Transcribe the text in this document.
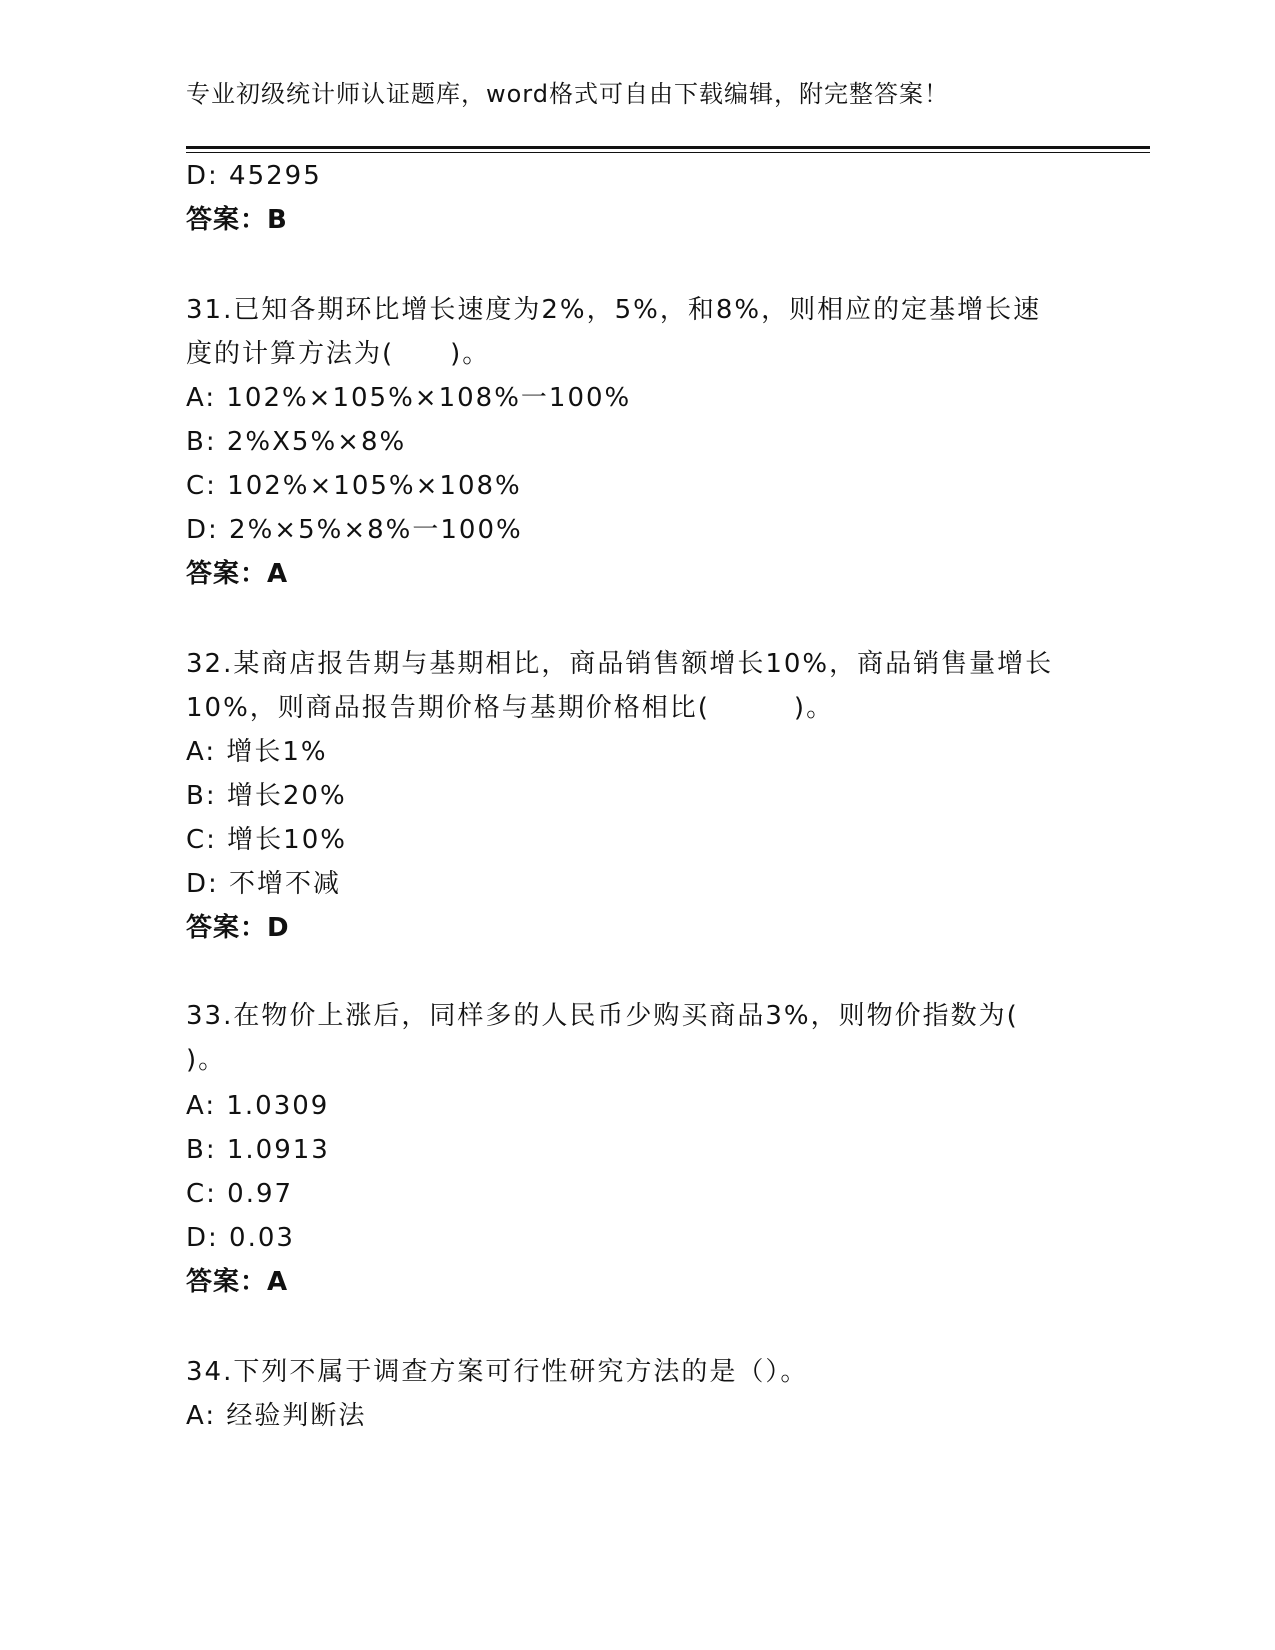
专业初级统计师认证题库，word格式可自由下载编辑，附完整答案！
D: 45295
答案：B
31.已知各期环比增长速度为2%，5%，和8%，则相应的定基增长速
度的计算方法为(　　)。
A: 102%×105%×108%一100%
B: 2%X5%×8%
C: 102%×105%×108%
D: 2%×5%×8%一100%
答案：A
32.某商店报告期与基期相比，商品销售额增长10%，商品销售量增长
10%，则商品报告期价格与基期价格相比(　　　)。
A: 增长1%
B: 增长20%
C: 增长10%
D: 不增不减
答案：D
33.在物价上涨后，同样多的人民币少购买商品3%，则物价指数为(
)。
A: 1.0309
B: 1.0913
C: 0.97
D: 0.03
答案：A
34.下列不属于调查方案可行性研究方法的是（）。
A: 经验判断法
